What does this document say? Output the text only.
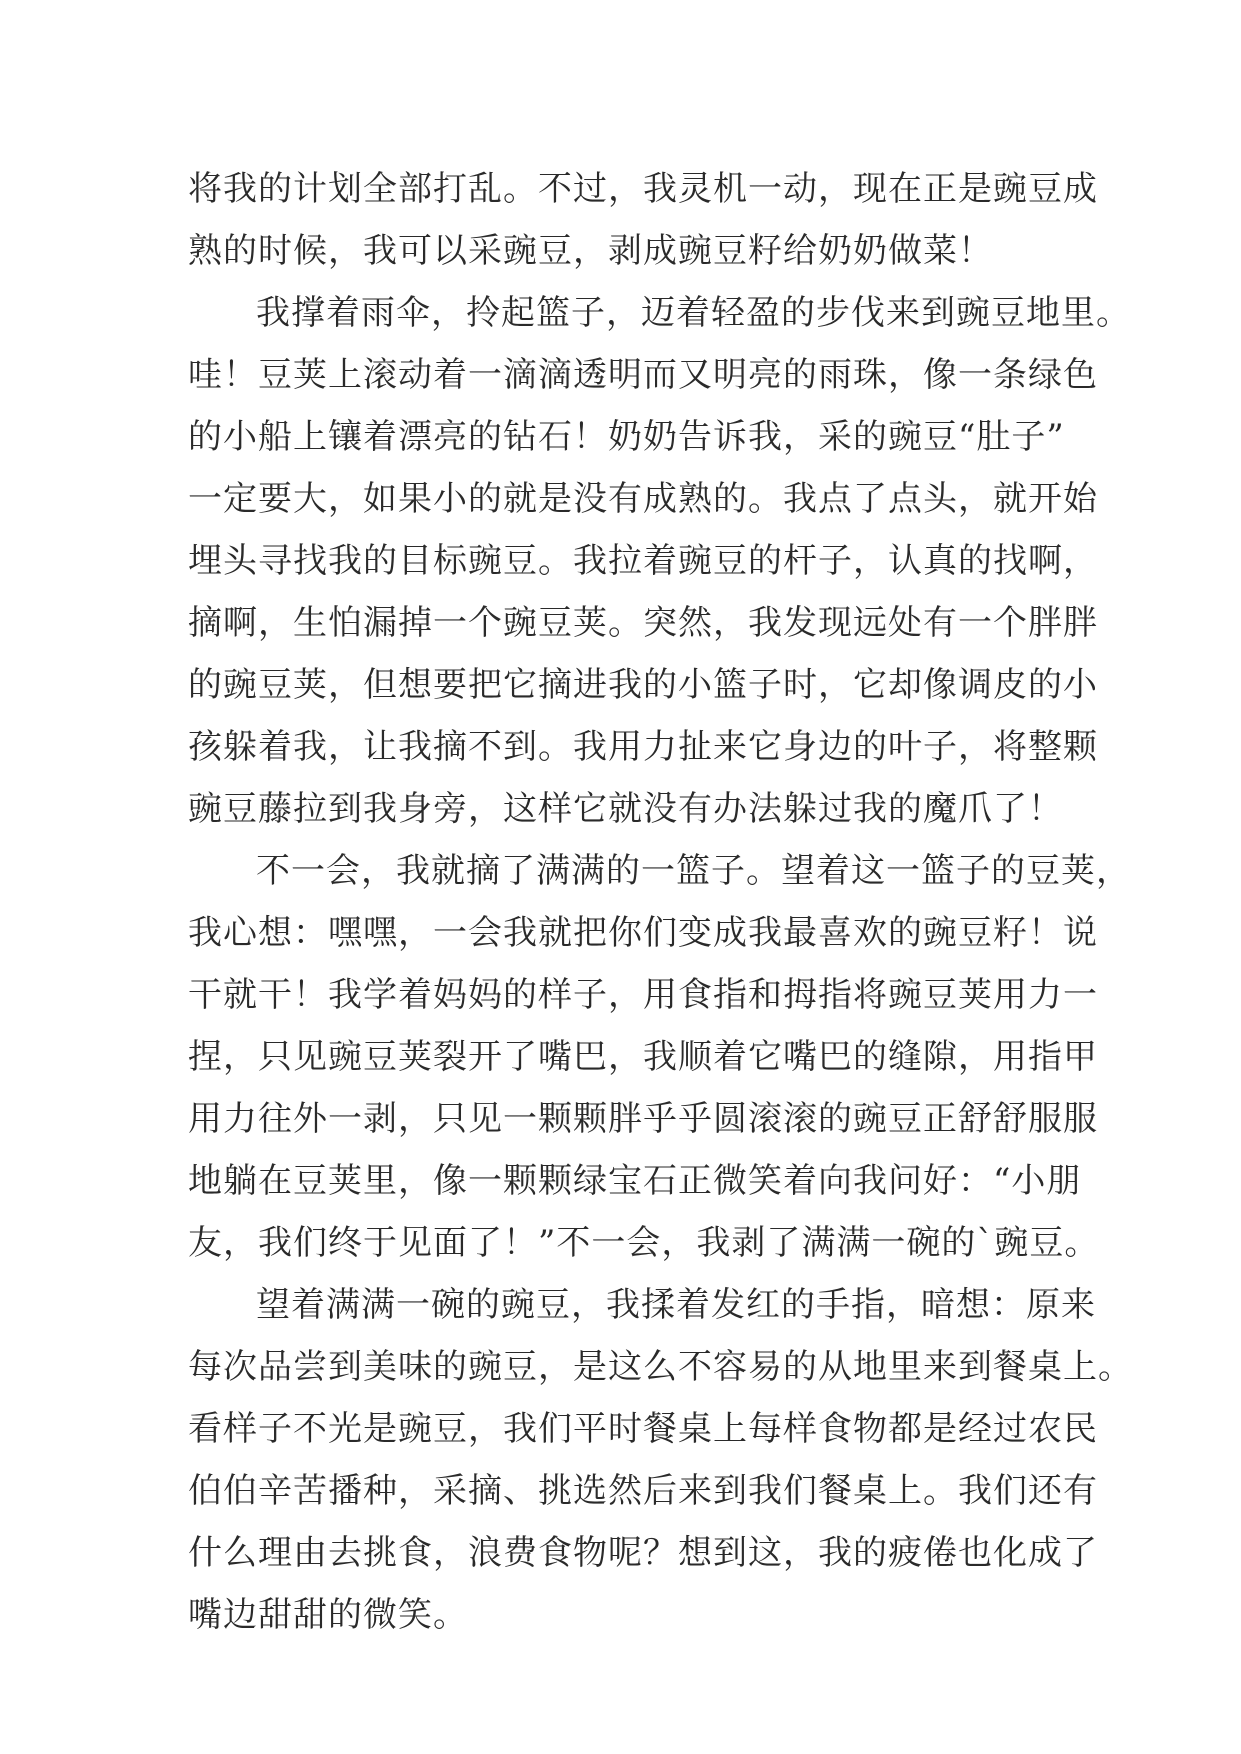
将我的计划全部打乱。不过，我灵机一动，现在正是豌豆成
熟的时候，我可以采豌豆，剥成豌豆籽给奶奶做菜！
我撑着雨伞，拎起篮子，迈着轻盈的步伐来到豌豆地里。
哇！豆荚上滚动着一滴滴透明而又明亮的雨珠，像一条绿色
的小船上镶着漂亮的钻石！奶奶告诉我，采的豌豆“肚子”
一定要大，如果小的就是没有成熟的。我点了点头，就开始
埋头寻找我的目标豌豆。我拉着豌豆的杆子，认真的找啊，
摘啊，生怕漏掉一个豌豆荚。突然，我发现远处有一个胖胖
的豌豆荚，但想要把它摘进我的小篮子时，它却像调皮的小
孩躲着我，让我摘不到。我用力扯来它身边的叶子，将整颗
豌豆藤拉到我身旁，这样它就没有办法躲过我的魔爪了！
不一会，我就摘了满满的一篮子。望着这一篮子的豆荚，
我心想：嘿嘿，一会我就把你们变成我最喜欢的豌豆籽！说
干就干！我学着妈妈的样子，用食指和拇指将豌豆荚用力一
捏，只见豌豆荚裂开了嘴巴，我顺着它嘴巴的缝隙，用指甲
用力往外一剥，只见一颗颗胖乎乎圆滚滚的豌豆正舒舒服服
地躺在豆荚里，像一颗颗绿宝石正微笑着向我问好：“小朋
友，我们终于见面了！”不一会，我剥了满满一碗的`豌豆。
望着满满一碗的豌豆，我揉着发红的手指，暗想：原来
每次品尝到美味的豌豆，是这么不容易的从地里来到餐桌上。
看样子不光是豌豆，我们平时餐桌上每样食物都是经过农民
伯伯辛苦播种，采摘、挑选然后来到我们餐桌上。我们还有
什么理由去挑食，浪费食物呢？想到这，我的疲倦也化成了
嘴边甜甜的微笑。
